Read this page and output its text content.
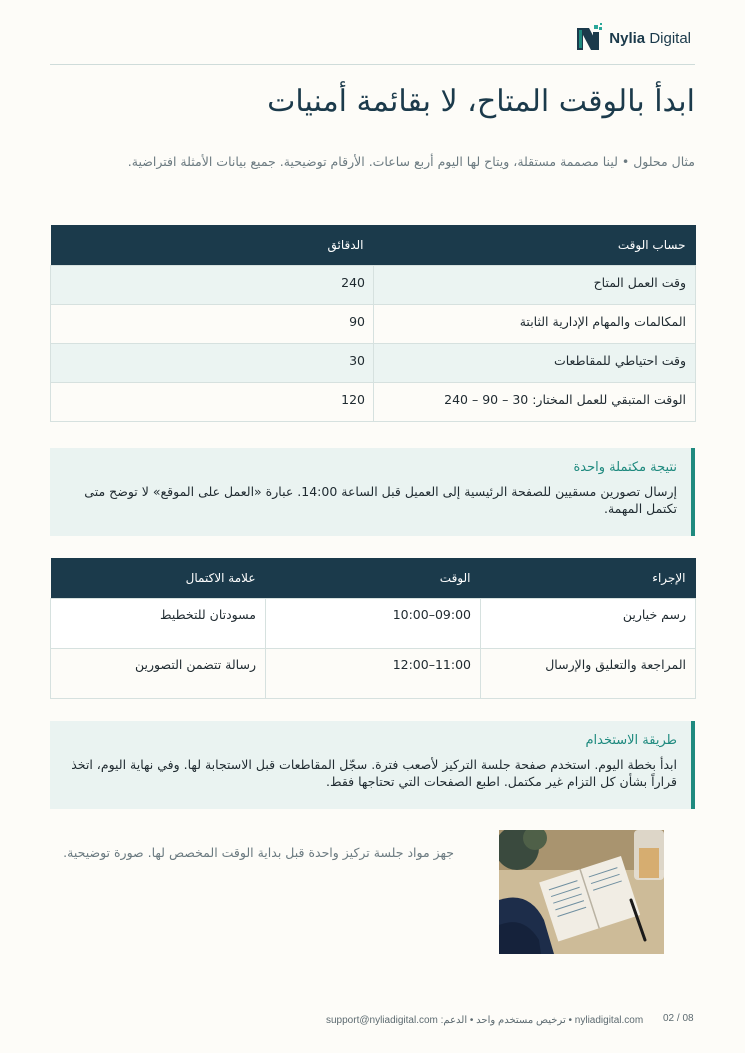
Nylia Digital
ابدأ بالوقت المتاح، لا بقائمة أمنيات
مثال محلول • لينا مصممة مستقلة، ويتاح لها اليوم أربع ساعات. الأرقام توضيحية. جميع بيانات الأمثلة افتراضية.
حساب الوقت	الدقائق
وقت العمل المتاح	240

المكالمات والمهام الإدارية الثابتة	90

وقت احتياطي للمقاطعات	30

الوقت المتبقي للعمل المختار: 30 – 90 – 240	120
نتيجة مكتملة واحدة
إرسال تصورين مسقيين للصفحة الرئيسية إلى العميل قبل الساعة 14:00. عبارة «العمل على الموقع» لا توضح متى تكتمل المهمة.
الإجراء	الوقت	علامة الاكتمال
رسم خيارين	09:00–10:00	مسودتان للتخطيط
المراجعة والتعليق والإرسال	11:00–12:00	رسالة تتضمن التصورين
طريقة الاستخدام
ابدأ بخطة اليوم. استخدم صفحة جلسة التركيز لأصعب فترة. سجّل المقاطعات قبل الاستجابة لها. وفي نهاية اليوم، اتخذ قراراً بشأن كل التزام غير مكتمل. اطبع الصفحات التي تحتاجها فقط.
جهز مواد جلسة تركيز واحدة قبل بداية الوقت المخصص لها. صورة توضيحية.
nyliadigital.com • ترخيص مستخدم واحد • الدعم: support@nyliadigital.com 02 / 08
